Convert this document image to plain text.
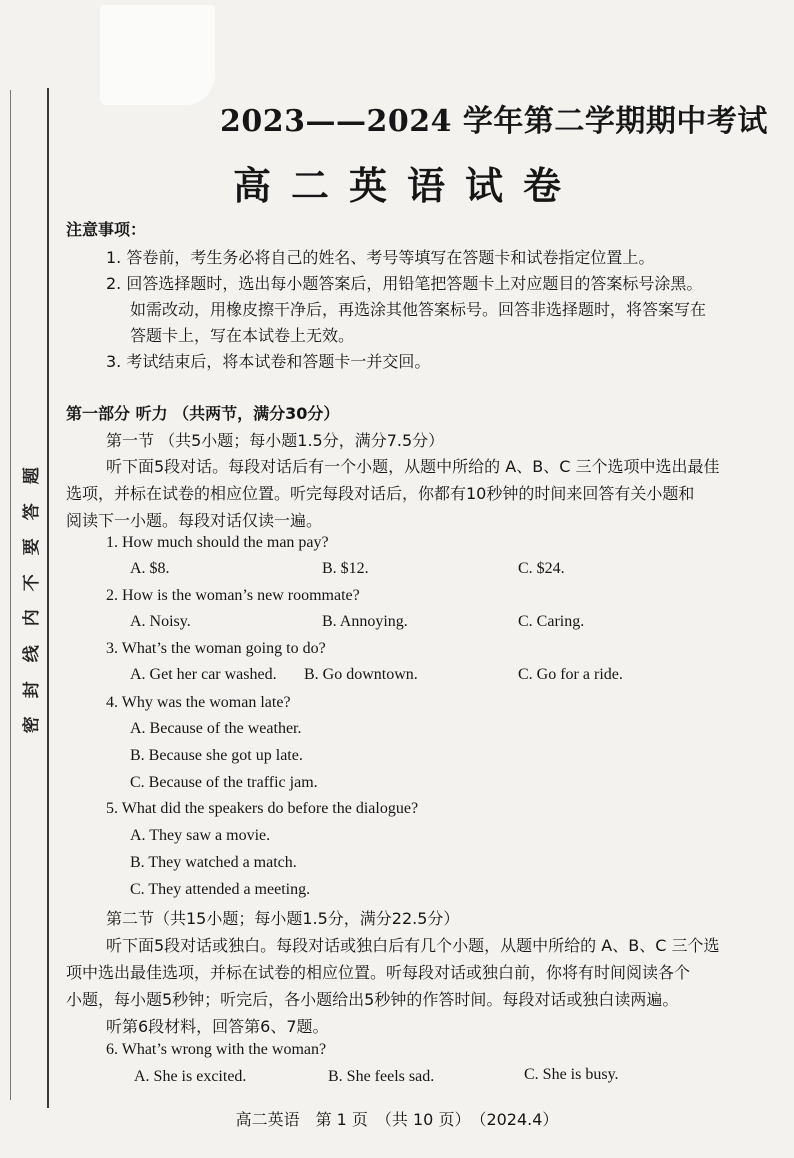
题
答
要
不
内
线
封
密
2023——2024 学年第二学期期中考试
高二英语试卷
注意事项：
1. 答卷前，考生务必将自己的姓名、考号等填写在答题卡和试卷指定位置上。
2. 回答选择题时，选出每小题答案后，用铅笔把答题卡上对应题目的答案标号涂黑。
如需改动，用橡皮擦干净后，再选涂其他答案标号。回答非选择题时，将答案写在
答题卡上，写在本试卷上无效。
3. 考试结束后，将本试卷和答题卡一并交回。
第一部分 听力 （共两节，满分30分）
第一节 （共5小题；每小题1.5分，满分7.5分）
听下面5段对话。每段对话后有一个小题，从题中所给的 A、B、C 三个选项中选出最佳
选项，并标在试卷的相应位置。听完每段对话后，你都有10秒钟的时间来回答有关小题和
阅读下一小题。每段对话仅读一遍。
1. How much should the man pay?
A. $8.	B. $12.	C. $24.
2. How is the woman’s new roommate?
A. Noisy.	B. Annoying.	C. Caring.
3. What’s the woman going to do?
A. Get her car washed. B. Go downtown.	C. Go for a ride.
4. Why was the woman late?
A. Because of the weather.
B. Because she got up late.
C. Because of the traffic jam.
5. What did the speakers do before the dialogue?
A. They saw a movie.
B. They watched a match.
C. They attended a meeting.
第二节（共15小题；每小题1.5分，满分22.5分）
听下面5段对话或独白。每段对话或独白后有几个小题，从题中所给的 A、B、C 三个选
项中选出最佳选项，并标在试卷的相应位置。听每段对话或独白前，你将有时间阅读各个
小题，每小题5秒钟；听完后，各小题给出5秒钟的作答时间。每段对话或独白读两遍。
听第6段材料，回答第6、7题。
6. What’s wrong with the woman?
A. She is excited.	B. She feels sad.	C. She is busy.
高二英语　第 1 页　（共 10 页）　（2024.4）
